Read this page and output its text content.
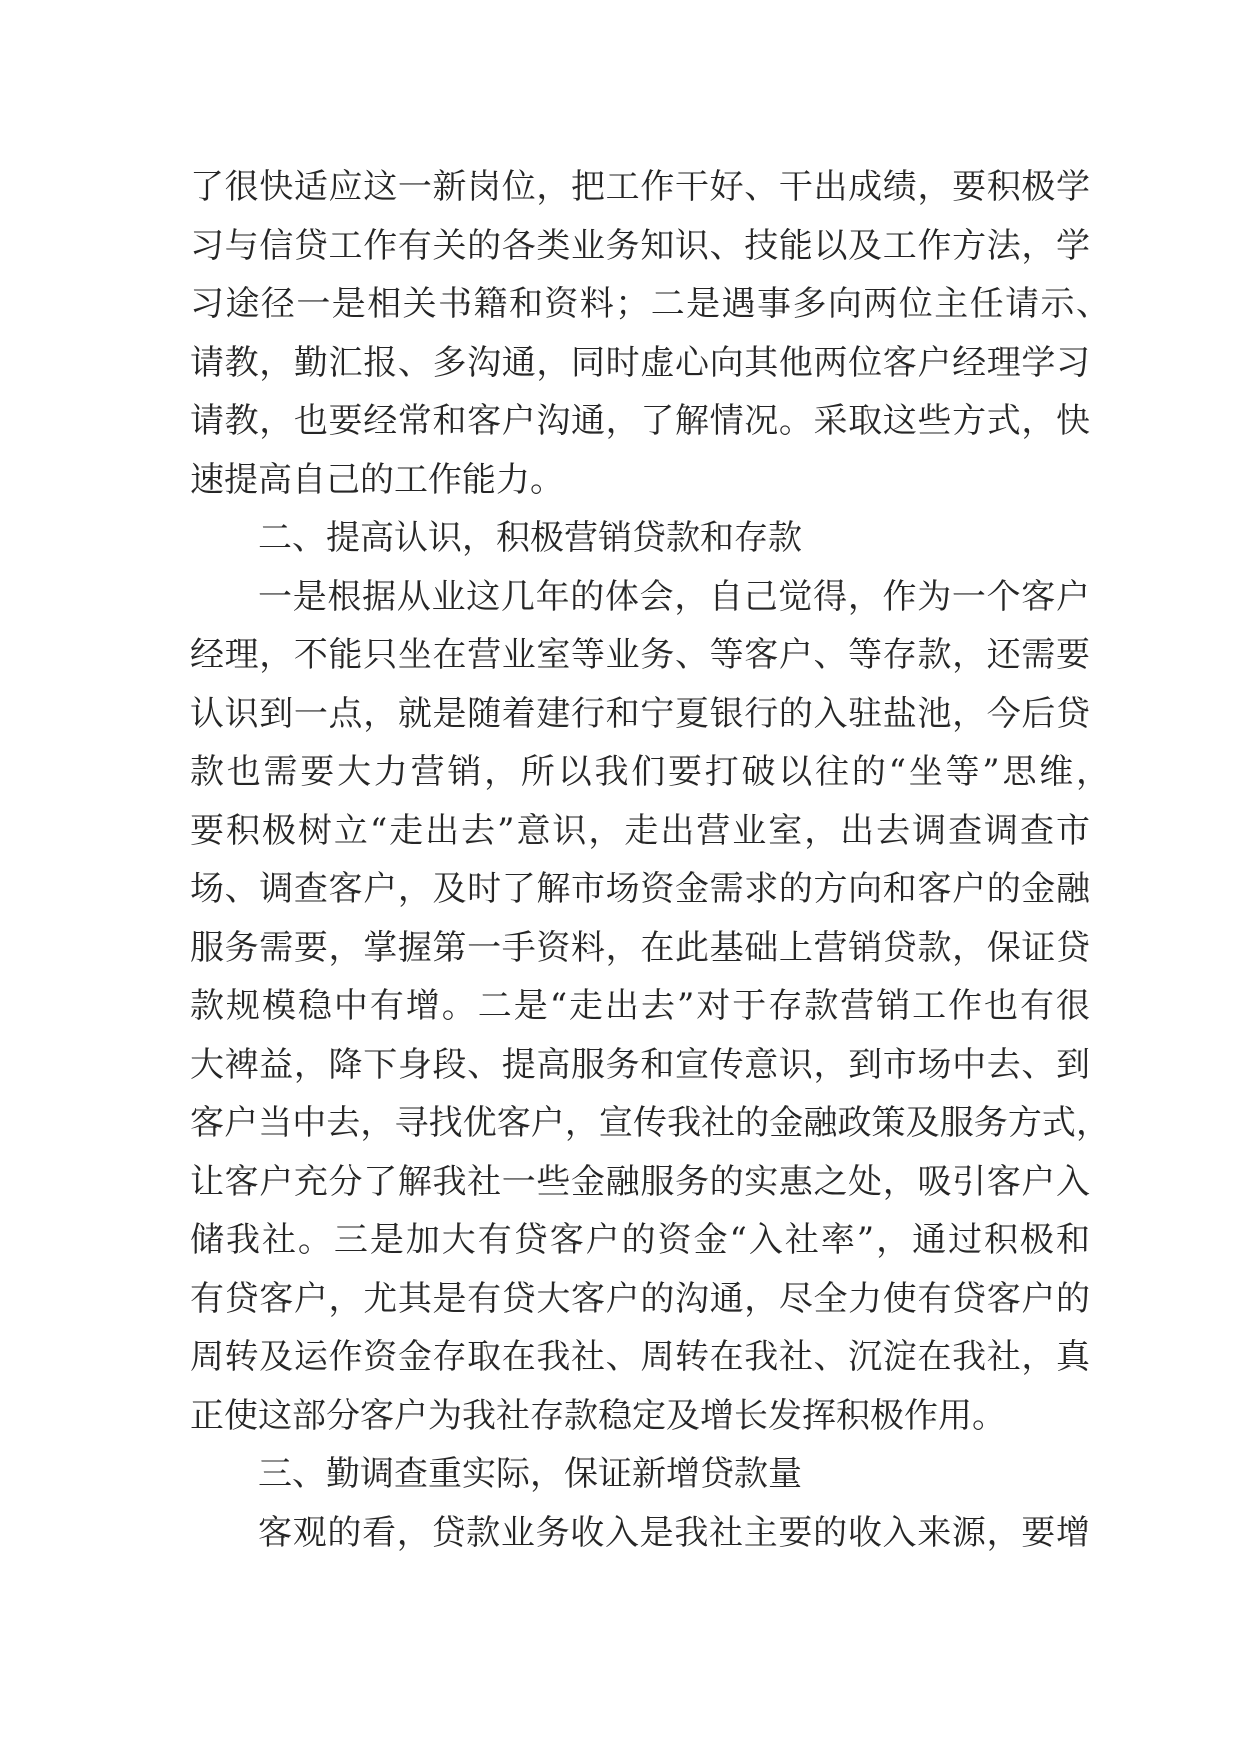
了很快适应这一新岗位，把工作干好、干出成绩，要积极学
习与信贷工作有关的各类业务知识、技能以及工作方法，学
习途径一是相关书籍和资料；二是遇事多向两位主任请示、
请教，勤汇报、多沟通，同时虚心向其他两位客户经理学习
请教，也要经常和客户沟通，了解情况。采取这些方式，快
速提高自己的工作能力。
二、提高认识，积极营销贷款和存款
一是根据从业这几年的体会，自己觉得，作为一个客户
经理，不能只坐在营业室等业务、等客户、等存款，还需要
认识到一点，就是随着建行和宁夏银行的入驻盐池，今后贷
款也需要大力营销，所以我们要打破以往的“坐等”思维，
要积极树立“走出去”意识，走出营业室，出去调查调查市
场、调查客户，及时了解市场资金需求的方向和客户的金融
服务需要，掌握第一手资料，在此基础上营销贷款，保证贷
款规模稳中有增。二是“走出去”对于存款营销工作也有很
大裨益，降下身段、提高服务和宣传意识，到市场中去、到
客户当中去，寻找优客户，宣传我社的金融政策及服务方式，
让客户充分了解我社一些金融服务的实惠之处，吸引客户入
储我社。三是加大有贷客户的资金“入社率”，通过积极和
有贷客户，尤其是有贷大客户的沟通，尽全力使有贷客户的
周转及运作资金存取在我社、周转在我社、沉淀在我社，真
正使这部分客户为我社存款稳定及增长发挥积极作用。
三、勤调查重实际，保证新增贷款量
客观的看，贷款业务收入是我社主要的收入来源，要增
